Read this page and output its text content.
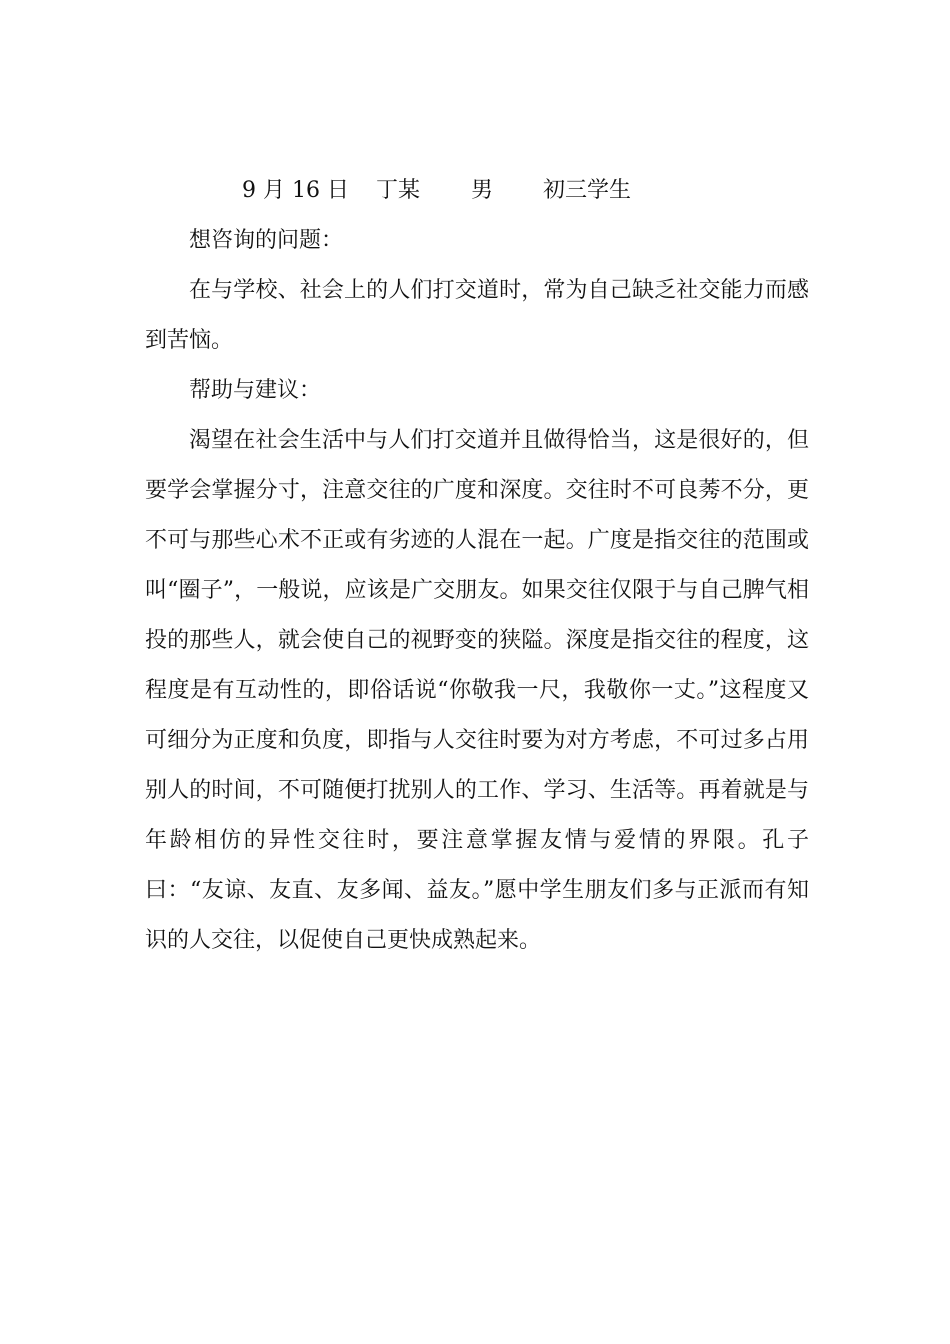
9 月 16 日 丁某 男 初三学生

想咨询的问题：

在与学校、社会上的人们打交道时，常为自己缺乏社交能力而感到苦恼。

帮助与建议：

渴望在社会生活中与人们打交道并且做得恰当，这是很好的，但要学会掌握分寸，注意交往的广度和深度。交往时不可良莠不分，更不可与那些心术不正或有劣迹的人混在一起。广度是指交往的范围或叫“圈子”，一般说，应该是广交朋友。如果交往仅限于与自己脾气相投的那些人，就会使自己的视野变的狭隘。深度是指交往的程度，这程度是有互动性的，即俗话说“你敬我一尺，我敬你一丈。”这程度又可细分为正度和负度，即指与人交往时要为对方考虑，不可过多占用别人的时间，不可随便打扰别人的工作、学习、生活等。再着就是与年龄相仿的异性交往时，要注意掌握友情与爱情的界限。孔子曰：“友谅、友直、友多闻、益友。”愿中学生朋友们多与正派而有知识的人交往，以促使自己更快成熟起来。
